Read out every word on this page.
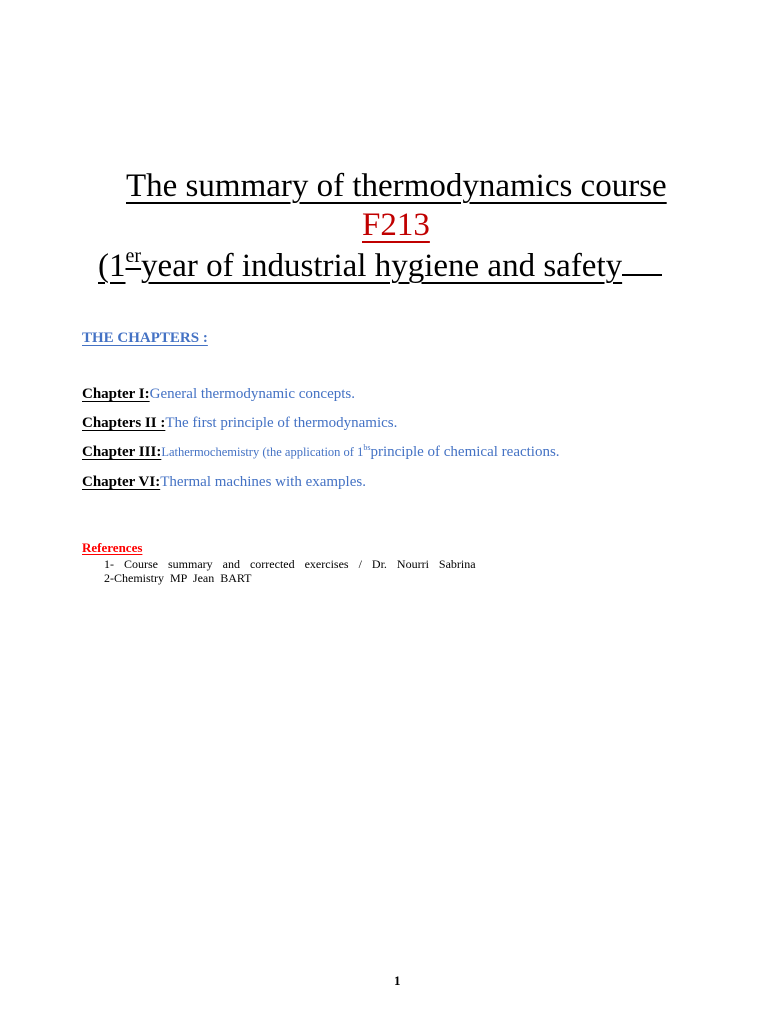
The summary of thermodynamics course
F213
(1eryear of industrial hygiene and safety
THE CHAPTERS :
Chapter I:General thermodynamic concepts.
Chapters II :The first principle of thermodynamics.
Chapter III:Lathermochemistry (the application of $1^{bs}principle$ of chemical reactions.
Chapter VI:Thermal machines with examples.
References
1- Course summary and corrected exercises / Dr. Nourri Sabrina
2-Chemistry MP Jean BART
1
